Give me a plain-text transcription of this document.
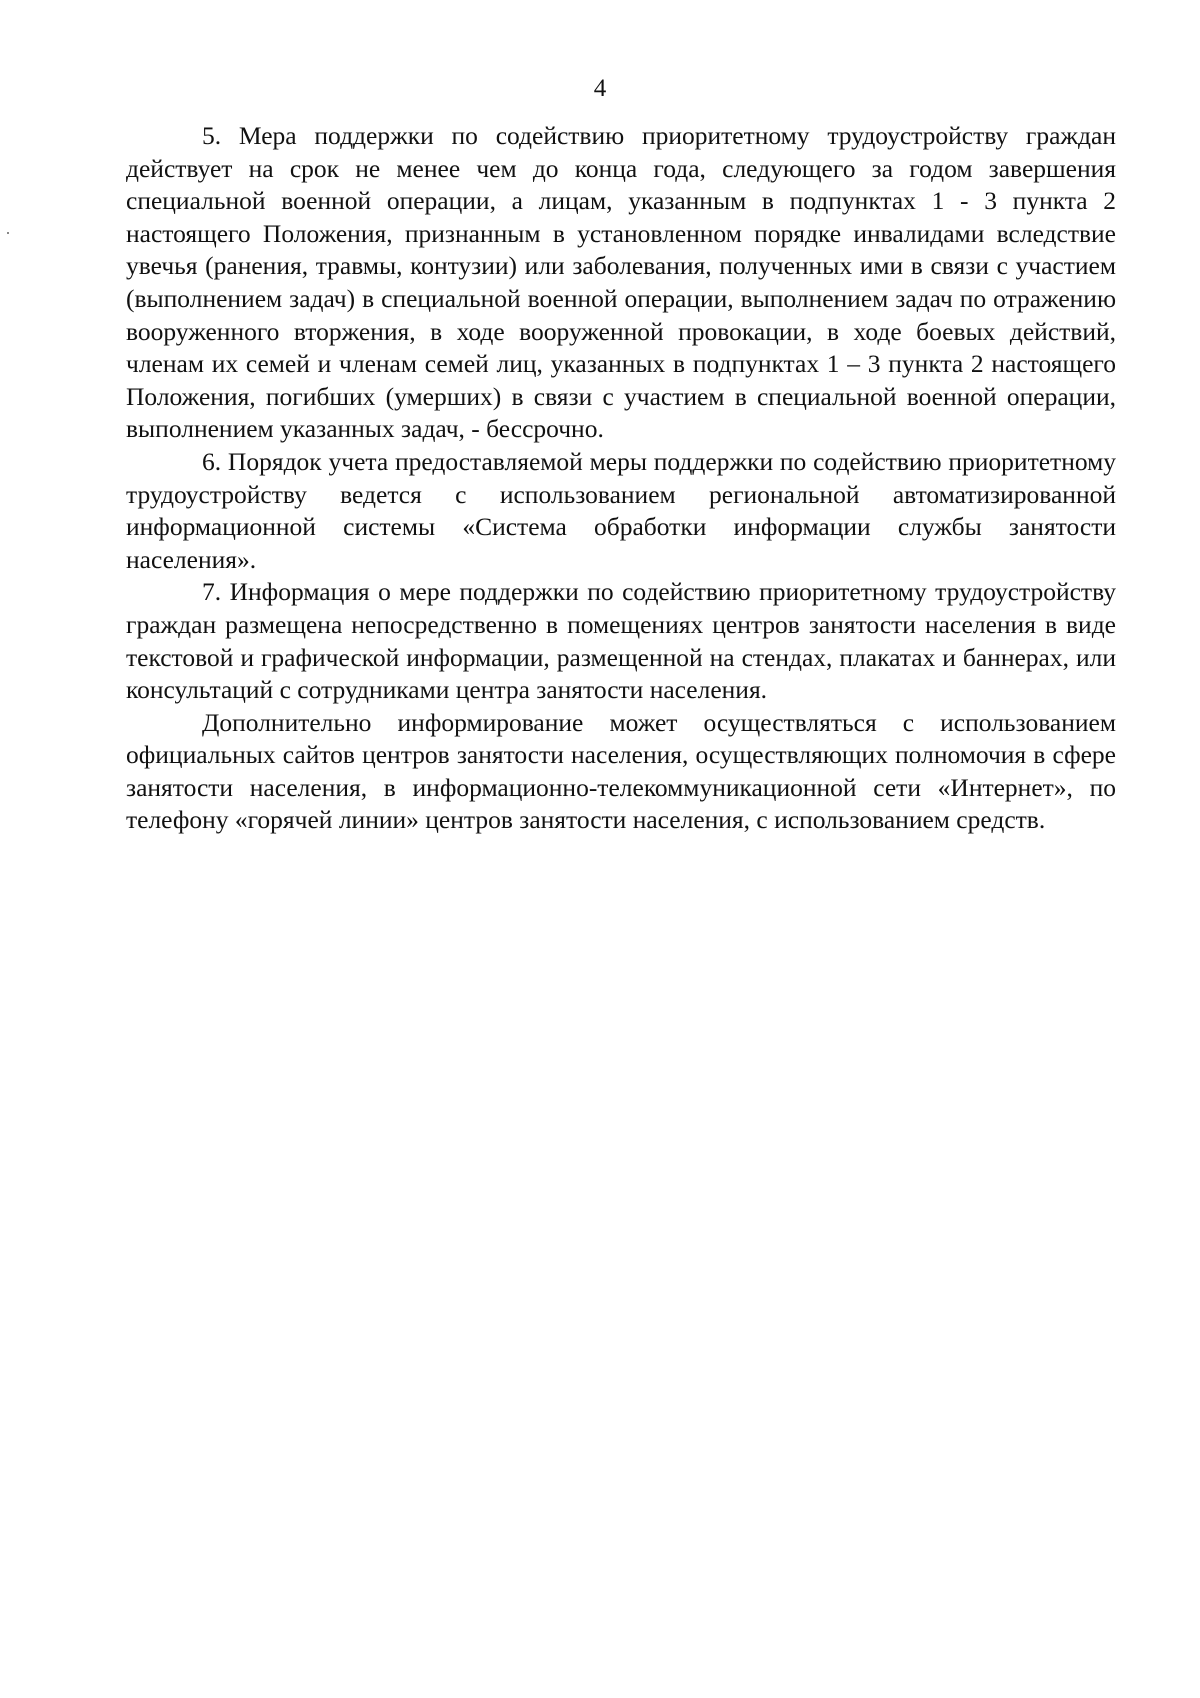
4

5. Мера поддержки по содействию приоритетному трудоустройству граждан действует на срок не менее чем до конца года, следующего за годом завершения специальной военной операции, а лицам, указанным в подпунктах 1 - 3 пункта 2 настоящего Положения, признанным в установленном порядке инвалидами вследствие увечья (ранения, травмы, контузии) или заболевания, полученных ими в связи с участием (выполнением задач) в специальной военной операции, выполнением задач по отражению вооруженного вторжения, в ходе вооруженной провокации, в ходе боевых действий, членам их семей и членам семей лиц, указанных в подпунктах 1 – 3 пункта 2 настоящего Положения, погибших (умерших) в связи с участием в специальной военной операции, выполнением указанных задач, - бессрочно.

6. Порядок учета предоставляемой меры поддержки по содействию приоритетному трудоустройству ведется с использованием региональной автоматизированной информационной системы «Система обработки информации службы занятости населения».

7. Информация о мере поддержки по содействию приоритетному трудоустройству граждан размещена непосредственно в помещениях центров занятости населения в виде текстовой и графической информации, размещенной на стендах, плакатах и баннерах, или консультаций с сотрудниками центра занятости населения.

Дополнительно информирование может осуществляться с использованием официальных сайтов центров занятости населения, осуществляющих полномочия в сфере занятости населения, в информационно-телекоммуникационной сети «Интернет», по телефону «горячей линии» центров занятости населения, с использованием средств.
